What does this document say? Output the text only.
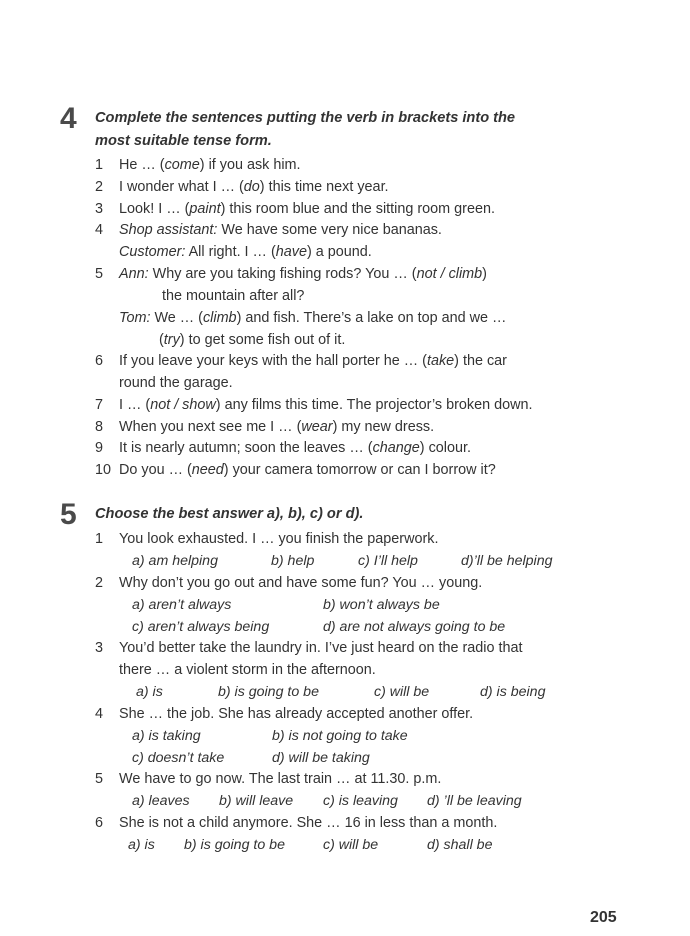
4 Complete the sentences putting the verb in brackets into the
most suitable tense form.
1 He … (come) if you ask him.
2 I wonder what I … (do) this time next year.
3 Look! I … (paint) this room blue and the sitting room green.
4 Shop assistant: We have some very nice bananas.
Customer: All right. I … (have) a pound.
5 Ann: Why are you taking fishing rods? You … (not / climb)
the mountain after all?
Tom: We … (climb) and fish. There’s a lake on top and we …
(try) to get some fish out of it.
6 If you leave your keys with the hall porter he … (take) the car
round the garage.
7 I … (not / show) any films this time. The projector’s broken down.
8 When you next see me I … (wear) my new dress.
9 It is nearly autumn; soon the leaves … (change) colour.
10 Do you … (need) your camera tomorrow or can I borrow it?
5 Choose the best answer a), b), c) or d).
1 You look exhausted. I … you finish the paperwork.
a) am helping	b) help	c) I’ll help	d)’ll be helping
2 Why don’t you go out and have some fun? You … young.
a) aren’t always	b) won’t always be
c) aren’t always being	d) are not always going to be
3 You’d better take the laundry in. I’ve just heard on the radio that
there … a violent storm in the afternoon.
a) is	b) is going to be	c) will be	d) is being
4 She … the job. She has already accepted another offer.
a) is taking	b) is not going to take
c) doesn’t take	d) will be taking
5 We have to go now. The last train … at 11.30. p.m.
a) leaves b) will leave c) is leaving d) ’ll be leaving
6 She is not a child anymore. She … 16 in less than a month.
a) is b) is going to be	c) will be	d) shall be
205
